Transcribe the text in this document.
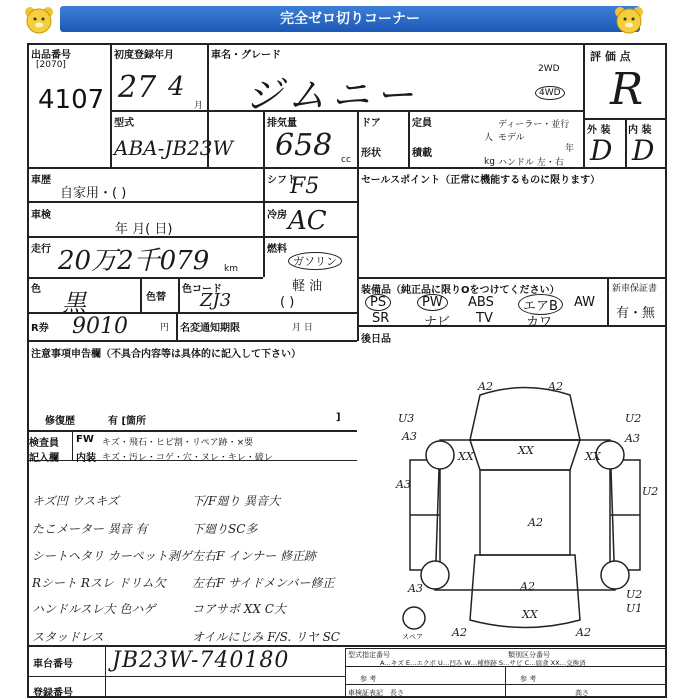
完全ゼロ切りコーナー
出品番号
[2070]
4107
初度登録年月
27 4
月
車名・グレード
ジムニー
2WD
4WD
評 価 点
R
型式
ABA-JB23W
排気量
658 cc
ドア	定員
形状	積載
kg
ディーラー・並行
人 モデル
年
ハンドル 左・右
外 装 内 装
D D
車歴
自家用・( )
シフト
F5
車検
年 月( 日)
冷房 AC
走行 20万2千079 km
燃料
ガソリン
軽 油
( )
色 黒	色替
色コード
ZJ3
R券 9010	円 名変通知期限	月 日
セールスポイント（正常に機能するものに限ります）
装備品（純正品に限りOをつけてください）	新車保証書
有・無
PS	PW	ABS	エアB	AW
SR	ナビ TV	カワ
後日品
注意事項申告欄（不具合内容等は具体的に記入して下さい）
修復歴	有 [箇所	]
検査員
記入欄
FW キズ・飛石・ヒビ割・リペア跡・×要
内装 キズ・汚レ・コゲ・穴・ヌレ・キレ・破レ
キズ凹 ウスキズ
たこメーター 異音 有
シートヘタリ カーペット剥ゲ
Rシート Rスレ ドリム欠
ハンドルスレ大 色ハゲ
スタッドレス
下/F廻り 異音大
下廻りSC多
左右F インナー 修正跡
左右F サイドメンバー修正
コアサポ XX C大
オイルにじみ F/S. リヤ SC
A2	A2
U3
A3	A3
U2
A3
U2
A3
A2
A2
U2
A2
U1
A2
XX	XX	XX
XX
スペア
A…キズ E…エクボ U…凹み W…補修跡 S…サビ C…腐食 XX…交換済
型式指定番号	類別区分番号
参 考	参 考
車検証表記 長さ	高さ
車台番号 JB23W-740180
登録番号
